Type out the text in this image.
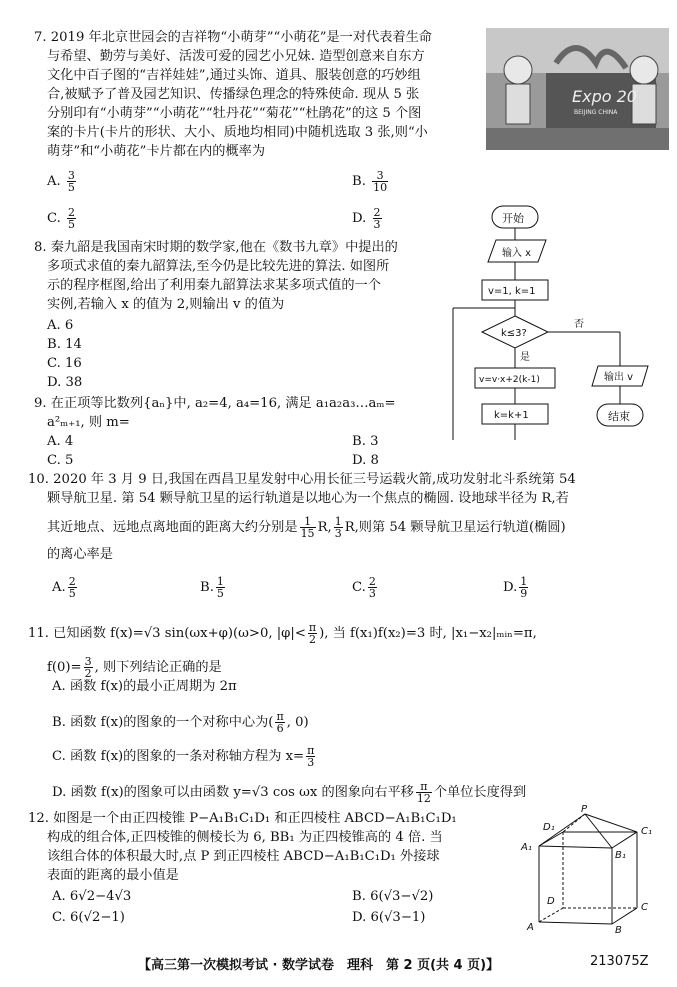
7. 2019 年北京世园会的吉祥物“小萌芽”“小萌花”是一对代表着生命
与希望、勤劳与美好、活泼可爱的园艺小兄妹. 造型创意来自东方
文化中百子图的“吉祥娃娃”,通过头饰、道具、服装创意的巧妙组
合,被赋予了普及园艺知识、传播绿色理念的特殊使命. 现从 5 张
分别印有“小萌芽”“小萌花”“牡丹花”“菊花”“杜鹃花”的这 5 个图
案的卡片(卡片的形状、大小、质地均相同)中随机选取 3 张,则“小
萌芽”和“小萌花”卡片都在内的概率为
Expo 20
BEIJING CHINA
A. $\frac{3}{5}$	B. $\frac{3}{10}$
C. $\frac{2}{5}$	D. $\frac{2}{3}$
8. 秦九韶是我国南宋时期的数学家,他在《数书九章》中提出的
多项式求值的秦九韶算法,至今仍是比较先进的算法. 如图所
示的程序框图,给出了利用秦九韶算法求某多项式值的一个
实例,若输入 x 的值为 2,则输出 v 的值为
A. 6
B. 14
C. 16
D. 38
开始
输入 x
v=1, k=1
k≤3?
是
否
v=v·x+2(k-1)
k=k+1
输出 v
结束
9. 在正项等比数列{aₙ}中, a₂=4, a₄=16, 满足 a₁a₂a₃…aₘ=
a²ₘ₊₁, 则 m=
A. 4	B. 3
C. 5	D. 8
10. 2020 年 3 月 9 日,我国在西昌卫星发射中心用长征三号运载火箭,成功发射北斗系统第 54
颗导航卫星. 第 54 颗导航卫星的运行轨道是以地心为一个焦点的椭圆. 设地球半径为 R,若
其近地点、远地点离地面的距离大约分别是 $\frac{1}{15} R$, $\frac{1}{3} R$,则第 54 颗导航卫星运行轨道(椭圆)
的离心率是
A. $\frac{2}{5}$	B. $\frac{1}{5}$	C. $\frac{2}{3}$	D. $\frac{1}{9}$
11. 已知函数 f(x)=√3 sin(ωx+φ)(ω>0, $|\varphi|< \frac{\pi}{2}$ ), 当 f(x₁)f(x₂)=3 时, |x₁−x₂|ₘᵢₙ=π,
$f(0)= \frac{3}{2}$ , 则下列结论正确的是
A. 函数 f(x)的最小正周期为 2π
B. 函数 f(x)的图象的一个对称中心为( $\frac{\pi}{6}$ , 0)
C. 函数 f(x)的图象的一条对称轴方程为 $x= \frac{\pi}{3}$
D. 函数 f(x)的图象可以由函数 y=√3 cos ωx 的图象向右平移 $\frac{\pi}{12}$ 个单位长度得到
12. 如图是一个由正四棱锥 P−A₁B₁C₁D₁ 和正四棱柱 ABCD−A₁B₁C₁D₁
构成的组合体,正四棱锥的侧棱长为 6, BB₁ 为正四棱锥高的 4 倍. 当
该组合体的体积最大时,点 P 到正四棱柱 ABCD−A₁B₁C₁D₁ 外接球
表面的距离的最小值是
A. 6√2−4√3	B. 6(√3−√2)
C. 6(√2−1)	D. 6(√3−1)
P
D₁	C₁
A₁
B₁
D
C
A	B
【高三第一次模拟考试 · 数学试卷　理科　第 2 页(共 4 页)】	213075Z
